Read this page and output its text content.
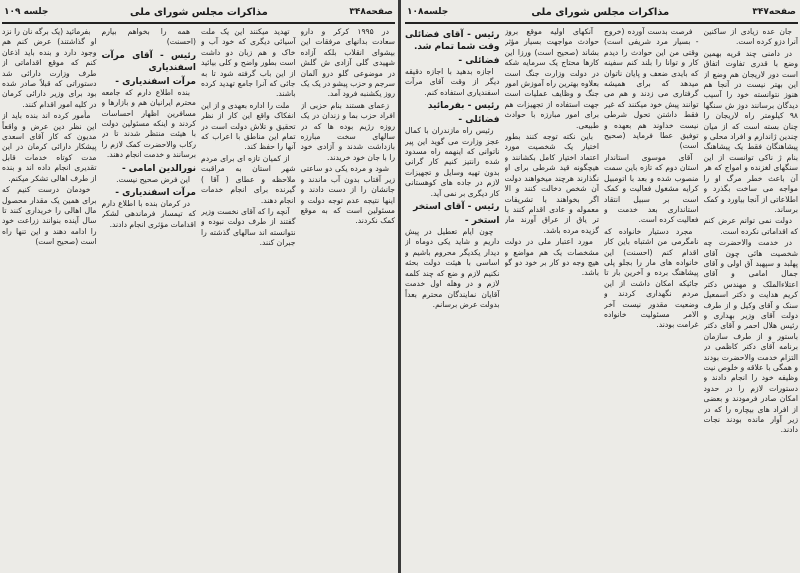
صفحه۳۴۷
مذاکرات مجلس شورای ملی
جلسه۱۰۸

جان عده زیادی از ساکنین آنرا دزو کرده است.

در دامنی چند قریه بهمین وضع با قدری تفاوت اتفاق است دور لاریجان هم وضع از این بهتر نیست در آنجا هم هنوز نتوانسته خود را آسیب دیدگان برسانند دوز ش سنگها ۹۸ کیلومتر راه لاریجان را چنان بسته است که از میان چندین ژاندارم و افراد محلی و پیشاهنگان فقط یک پیشاهنگ بنام ژ ناکی توانست از این سنگهای لغزنده و امواج که هر آن باعث خطر مرگ او را مواجه می ساخت بگذرد و اطلاعاتی از آنجا بیاورد و کمک برساند.

دولت نمی توانم عرض کنم که اقداماتی نکرده است.

در خدمت والاحضرت چه شخصیت هائی چون آقای پهلبد و سپهبد آق اولی و آقای جمال امامی و آقای اعتلاءالملک و مهندس دکتر کریم هدایت و دکتر اسمعیل سنک و آقای وکیل و از طرف دولت آقای وزیر بهداری و رئیس هلال احمر و آقای دکتر باستور و از طرف سازمان برنامه آقای دکتر کاظمی در التزام خدمت والاحضرت بودند و همگی با علاقه و خلوص نیت وظیفه خود را انجام دادند و دستورات لازم را در حدود امکان صادر فرمودند و بعضی از افراد های بیچاره را که در زیر آوار مانده بودند نجات دادند.

فرصت بدست آورده (خروج - بسیار مرد شریفی است) وقتی من این حوادث را دیدم کار و توانا را بلند کنم سفینه که بایدی ضعف و پایان ناتوان میدهد که برای همیشه گرفتاری می زدند و هم می توانند پیش خود میکنند که غیر فقط داشتن تحول شرطی نیست خداوند هم بعهده و توفیق عطا فرماید (صحیح است)

آقای موسوی استاندار استان دوم که تازه باین سمت منصوب شده و بعد با اتومبیل کرایه مشغول فعالیت و کمک است بر سبیل انتقاد استانداری بعد خدمت و فعالیت کرده است.

مجرد دستیار خانواده که نامگرمی من اشتباه باین کار اقدام کنم (احسنت) این خانواده های مار را بجلو پلی پیشاهنگ برده و آخرین بار تا جائیکه امکان داشت از این مردم نگهداری کردند و وضعیت مقدور نیست آخر الامر مسئولیت خانواده غرامت بودند.

آنکهای اولیه موقع بروز حوادث مواجهت بسیار مؤثر بشاند (صحیح است) ورزا این کارها محتاج یک سرمایه شکه در دولت وزارت جنگ است بعلاوه بهترین راه آموزش امور جنگ و وظایف عملیات است جهت استفاده از تجهیزات هم برای امور مبارزه با حوادث طبیعی.

باین نکته توجه کنند بطور اختیار یک شخصیت مورد اعتماد اختیار کامل بکشانند و هیچگونه قید شرطی برای او نگذارند هرچند میخواهند دولت آن شخص دخالت کنند و الا اگر بخواهند با تشریفات معموله و عادی اقدام کنند با تر یاق از عراق آورند مار گزیده مرده باشد.

مورد اعتبار ملی در دولت مشخصات یک هم مواضع و هیچ وجه دو کار بر خود دو گو باشد.

رئیس - آقای فضائلی وقت شما تمام شد.
فضائلی -

اجازه بدهید با اجازه دقیقه دیگر از وقت آقای مرآت اسفندیاری استفاده کنم.

رئیس - بفرمائید
فضائلی -

رئیس راه مازندران با کمال عجز وزارت می گوید این پیر ناتوانی که اینهمه راه مسدود شده رانتیز کنیم کار گرانی بدون تهیه وسایل و تجهیزات لازم در جاده های کوهستانی کار دیگری بر نمی آید.

رئیس - آقای استخر
استخر -

چون ایام تعطیل در پیش داریم و شاید یکی دوماه از دیدار یکدیگر محروم باشیم و اساسی با هیئت دولت بحثه نکنیم لازم و ضع که چند کلمه لازم و در وهله اول خدمت آقایان نمایندگان محترم بعداً بدولت عرض برسانم.

صفحه۳۴۸
مذاکرات مجلس شورای ملی
جلسه ۱۰۹

در ۱۹۹۵ کرکر و دارو سعادت بدانهای مرفقات این بیشوای انقلاب بلکه آزاده شهیدی گلی آزادی ش گلش در موضوعی گلو درو آلمان سرجم و حزب پیشو در یک یک روز یکشنبه فرود آمد.

زعمای هستند بنام حزبی از افراد حزب بما و زندان در یک روزه رژیم بوده ها که در سالهای سخت مبارزه بازداشت شدند و آزادی خود را با جان خود خریدند.

شود و مرده یکی دو ساعتی زیر آفتاب بدون آب ماندند و جانشان را از دست دادند و اینها نتیجه عدم توجه دولت و مسئولین است که به موقع کمک نکردند.

تهدید میکنند این یک ملت آسیائی دیگری که خود آب و خاک و هم زبان دو داشت است بطور واضح و کلی بیائید از این باب گرفته شود تا به جائی که آنرا جامع تهدید کرده باشند.

ملت را اداره بعهدی و از این انفکاک واقع این کار از نظر تحقیق و تلاش دولت است در تمام این مناطق با اعراب که آنها را حفظ کند.

از کمیان تازه ای برای مردم شهر استان به مراقبت ملاحظه و عطای ( آقا ) گیرنده برای انجام خدمات انجام دهند.

آنچه را که آقای نخست وزیر گفتند از طرف دولت نبوده و نتوانسته اند سالهای گذشته را جبران کنند.

همه را بخواهم بیارم (احسنت)

رئیس - آقای مرآت اسفندیاری
مرآت اسفندیاری -

بنده اطلاع دارم که جامعه محترم ایرانیان هم و بازارها و مسافرین اظهار احساسات کردند و اینکه مسئولین دولت با هیئت منتظر شدند تا در رکاب والاحضرت کمک لازم را برسانند و خدمت انجام دهند.

نورالدین امامی -

این فرض صحیح نیست.

مرآت اسفندیاری -

در کرمان بنده با اطلاع دارم که تیمسار فرماندهی لشکر اقدامات مؤثری انجام دادند.

بفرمائید (یک برگه نان را نزد او گذاشتند) عرض کنم هم وجود دارد و بنده باید اذعان کنم که موقع اقداماتی از طرف وزارت دارائی شد دستوراتی که قبلاً صادر شده بود برای وزیر دارائی کرمان در کلیه امور اقدام کنند.

مأمور کرده اند بنده باید از این نظر دین عرض و واقعاً مدیون که کار آقای اسعدی پیشکار دارائی کرمان در این مدت کوتاه خدمات قابل تقدیری انجام داده اند و بنده از طرف اهالی تشکر میکنم.

خودمان درست کنیم که برای همین یک مقدار محصول مال اهالی را خریداری کنند تا سال آینده بنوانند زراعت خود را ادامه دهند و این تنها راه است (صحیح است)
